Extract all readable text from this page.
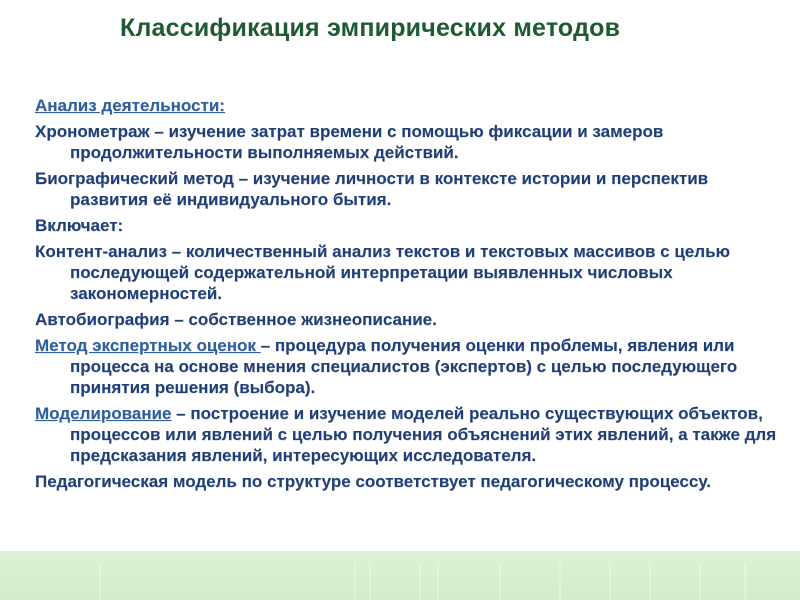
Классификация эмпирических методов

Анализ деятельности:

Хронометраж – изучение затрат времени с помощью фиксации и замеров продолжительности выполняемых действий.

Биографический метод – изучение личности в контексте истории и перспектив развития её индивидуального бытия.

Включает:

Контент-анализ – количественный анализ текстов и текстовых массивов с целью последующей содержательной интерпретации выявленных числовых закономерностей.

Автобиография – собственное жизнеописание.

Метод экспертных оценок – процедура получения оценки проблемы, явления или процесса на основе мнения специалистов (экспертов) с целью последующего принятия решения (выбора).

Моделирование – построение и изучение моделей реально существующих объектов, процессов или явлений с целью получения объяснений этих явлений, а также для предсказания явлений, интересующих исследователя.

Педагогическая модель по структуре соответствует педагогическому процессу.
